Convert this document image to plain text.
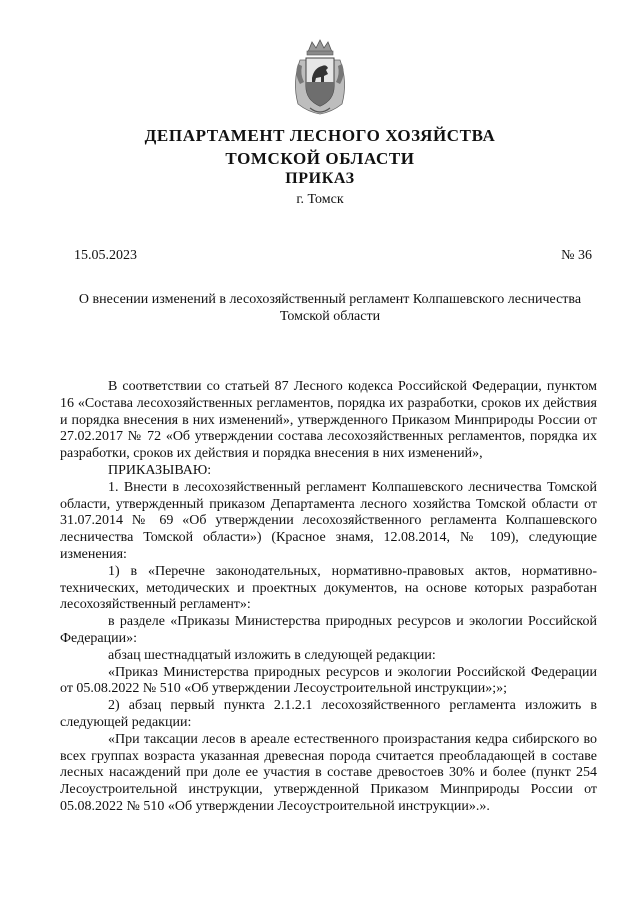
ДЕПАРТАМЕНТ ЛЕСНОГО ХОЗЯЙСТВА
ТОМСКОЙ ОБЛАСТИ
ПРИКАЗ
г. Томск
15.05.2023	№ 36
О внесении изменений в лесохозяйственный регламент Колпашевского лесничества
Томской области

В соответствии со статьей 87 Лесного кодекса Российской Федерации, пунктом 16 «Состава лесохозяйственных регламентов, порядка их разработки, сроков их действия и порядка внесения в них изменений», утвержденного Приказом Минприроды России от 27.02.2017 № 72 «Об утверждении состава лесохозяйственных регламентов, порядка их разработки, сроков их действия и порядка внесения в них изменений»,

ПРИКАЗЫВАЮ:

1. Внести в лесохозяйственный регламент Колпашевского лесничества Томской области, утвержденный приказом Департамента лесного хозяйства Томской области от 31.07.2014 № 69 «Об утверждении лесохозяйственного регламента Колпашевского лесничества Томской области») (Красное знамя, 12.08.2014, № 109), следующие изменения:

1) в «Перечне законодательных, нормативно-правовых актов, нормативно-технических, методических и проектных документов, на основе которых разработан лесохозяйственный регламент»:

в разделе «Приказы Министерства природных ресурсов и экологии Российской Федерации»:

абзац шестнадцатый изложить в следующей редакции:

«Приказ Министерства природных ресурсов и экологии Российской Федерации от 05.08.2022 № 510 «Об утверждении Лесоустроительной инструкции»;»;

2) абзац первый пункта 2.1.2.1 лесохозяйственного регламента изложить в следующей редакции:

«При таксации лесов в ареале естественного произрастания кедра сибирского во всех группах возраста указанная древесная порода считается преобладающей в составе лесных насаждений при доле ее участия в составе древостоев 30% и более (пункт 254 Лесоустроительной инструкции, утвержденной Приказом Минприроды России от 05.08.2022 № 510 «Об утверждении Лесоустроительной инструкции».».
